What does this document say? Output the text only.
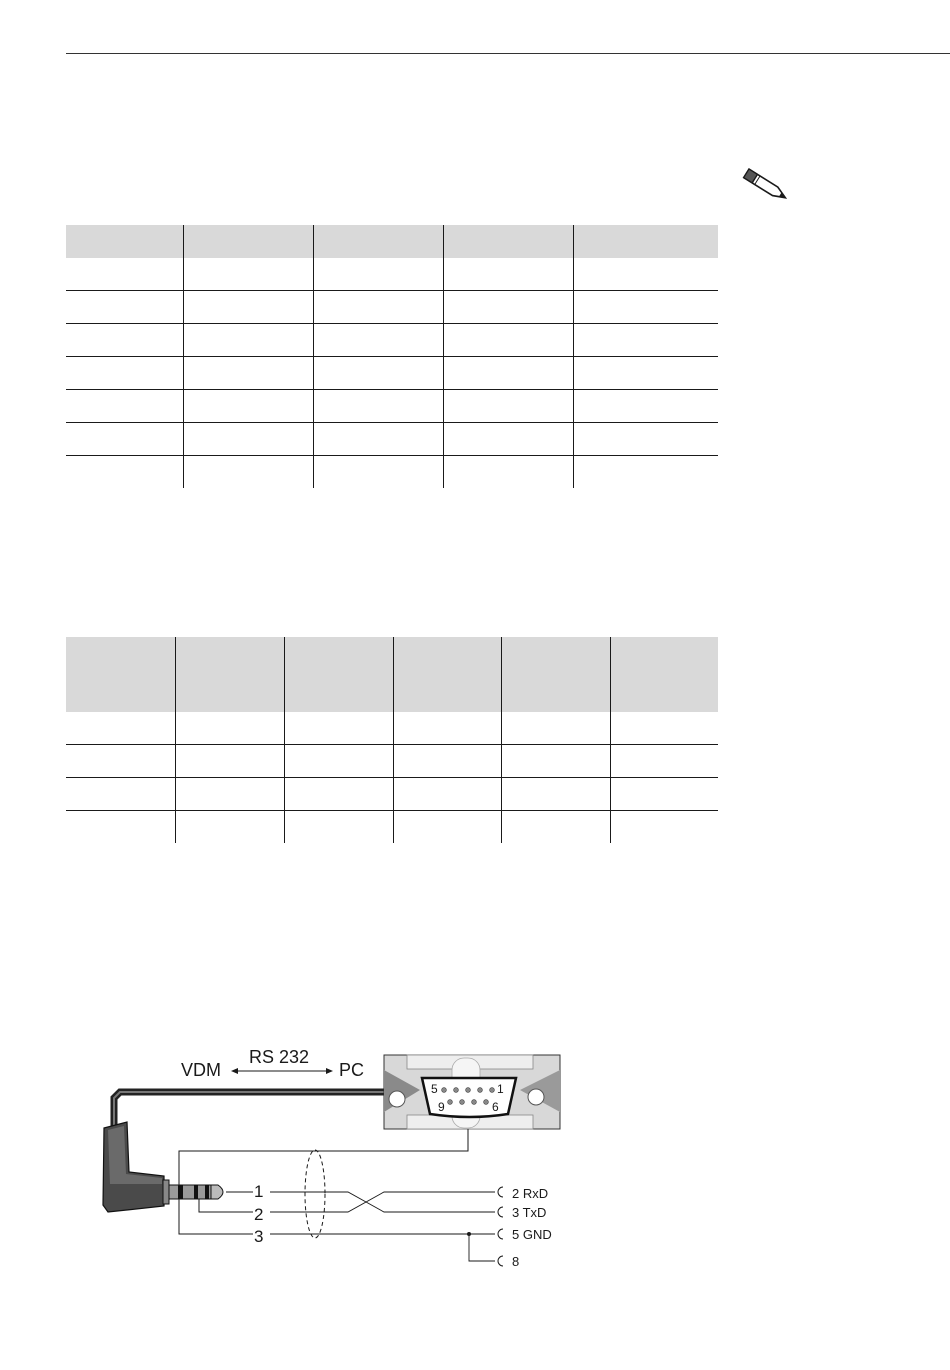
VDM
RS 232
PC
5	1
9	6
1
2
3
2 RxD
3 TxD
5 GND
8
